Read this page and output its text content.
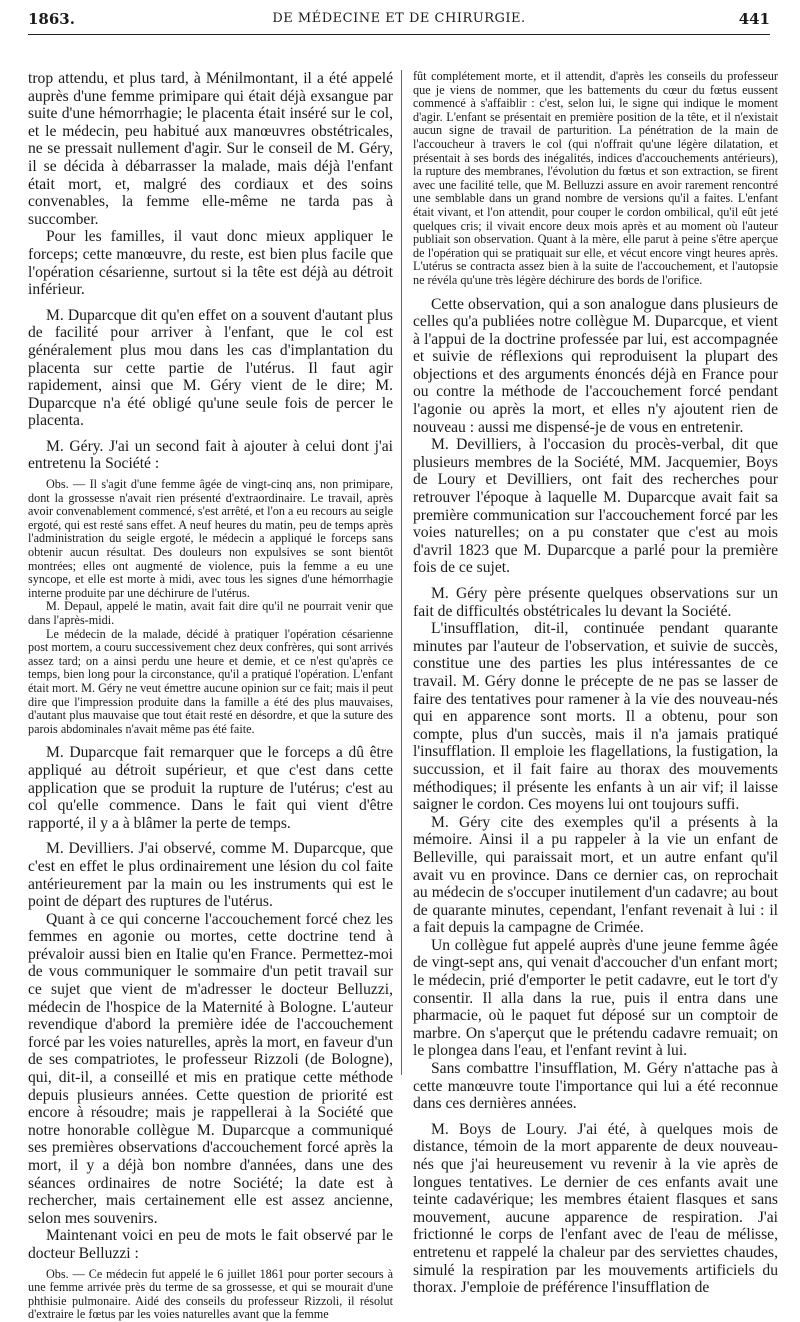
1863.	DE MÉDECINE ET DE CHIRURGIE.	441

trop attendu, et plus tard, à Ménilmontant, il a été appelé auprès d'une femme primipare qui était déjà exsangue par suite d'une hémorrhagie; le placenta était inséré sur le col, et le médecin, peu habitué aux manœuvres obstétricales, ne se pressait nullement d'agir. Sur le conseil de M. Géry, il se décida à débarrasser la malade, mais déjà l'enfant était mort, et, malgré des cordiaux et des soins convenables, la femme elle-même ne tarda pas à succomber.

Pour les familles, il vaut donc mieux appliquer le forceps; cette manœuvre, du reste, est bien plus facile que l'opération césarienne, surtout si la tête est déjà au détroit inférieur.

M. Duparcque dit qu'en effet on a souvent d'autant plus de facilité pour arriver à l'enfant, que le col est généralement plus mou dans les cas d'implantation du placenta sur cette partie de l'utérus. Il faut agir rapidement, ainsi que M. Géry vient de le dire; M. Duparcque n'a été obligé qu'une seule fois de percer le placenta.

M. Géry. J'ai un second fait à ajouter à celui dont j'ai entretenu la Société :

Obs. — Il s'agit d'une femme âgée de vingt-cinq ans, non primipare, dont la grossesse n'avait rien présenté d'extraordinaire. Le travail, après avoir convenablement commencé, s'est arrêté, et l'on a eu recours au seigle ergoté, qui est resté sans effet. A neuf heures du matin, peu de temps après l'administration du seigle ergoté, le médecin a appliqué le forceps sans obtenir aucun résultat. Des douleurs non expulsives se sont bientôt montrées; elles ont augmenté de violence, puis la femme a eu une syncope, et elle est morte à midi, avec tous les signes d'une hémorrhagie interne produite par une déchirure de l'utérus.

M. Depaul, appelé le matin, avait fait dire qu'il ne pourrait venir que dans l'après-midi.

Le médecin de la malade, décidé à pratiquer l'opération césarienne post mortem, a couru successivement chez deux confrères, qui sont arrivés assez tard; on a ainsi perdu une heure et demie, et ce n'est qu'après ce temps, bien long pour la circonstance, qu'il a pratiqué l'opération. L'enfant était mort. M. Géry ne veut émettre aucune opinion sur ce fait; mais il peut dire que l'impression produite dans la famille a été des plus mauvaises, d'autant plus mauvaise que tout était resté en désordre, et que la suture des parois abdominales n'avait même pas été faite.

M. Duparcque fait remarquer que le forceps a dû être appliqué au détroit supérieur, et que c'est dans cette application que se produit la rupture de l'utérus; c'est au col qu'elle commence. Dans le fait qui vient d'être rapporté, il y a à blâmer la perte de temps.

M. Devilliers. J'ai observé, comme M. Duparcque, que c'est en effet le plus ordinairement une lésion du col faite antérieurement par la main ou les instruments qui est le point de départ des ruptures de l'utérus.

Quant à ce qui concerne l'accouchement forcé chez les femmes en agonie ou mortes, cette doctrine tend à prévaloir aussi bien en Italie qu'en France. Permettez-moi de vous communiquer le sommaire d'un petit travail sur ce sujet que vient de m'adresser le docteur Belluzzi, médecin de l'hospice de la Maternité à Bologne. L'auteur revendique d'abord la première idée de l'accouchement forcé par les voies naturelles, après la mort, en faveur d'un de ses compatriotes, le professeur Rizzoli (de Bologne), qui, dit-il, a conseillé et mis en pratique cette méthode depuis plusieurs années. Cette question de priorité est encore à résoudre; mais je rappellerai à la Société que notre honorable collègue M. Duparcque a communiqué ses premières observations d'accouchement forcé après la mort, il y a déjà bon nombre d'années, dans une des séances ordinaires de notre Société; la date est à rechercher, mais certainement elle est assez ancienne, selon mes souvenirs.

Maintenant voici en peu de mots le fait observé par le docteur Belluzzi :

Obs. — Ce médecin fut appelé le 6 juillet 1861 pour porter secours à une femme arrivée près du terme de sa grossesse, et qui se mourait d'une phthisie pulmonaire. Aidé des conseils du professeur Rizzoli, il résolut d'extraire le fœtus par les voies naturelles avant que la femme

fût complétement morte, et il attendit, d'après les conseils du professeur que je viens de nommer, que les battements du cœur du fœtus eussent commencé à s'affaiblir : c'est, selon lui, le signe qui indique le moment d'agir. L'enfant se présentait en première position de la tête, et il n'existait aucun signe de travail de parturition. La pénétration de la main de l'accoucheur à travers le col (qui n'offrait qu'une légère dilatation, et présentait à ses bords des inégalités, indices d'accouchements antérieurs), la rupture des membranes, l'évolution du fœtus et son extraction, se firent avec une facilité telle, que M. Belluzzi assure en avoir rarement rencontré une semblable dans un grand nombre de versions qu'il a faites. L'enfant était vivant, et l'on attendit, pour couper le cordon ombilical, qu'il eût jeté quelques cris; il vivait encore deux mois après et au moment où l'auteur publiait son observation. Quant à la mère, elle parut à peine s'être aperçue de l'opération qui se pratiquait sur elle, et vécut encore vingt heures après. L'utérus se contracta assez bien à la suite de l'accouchement, et l'autopsie ne révéla qu'une très légère déchirure des bords de l'orifice.

Cette observation, qui a son analogue dans plusieurs de celles qu'a publiées notre collègue M. Duparcque, et vient à l'appui de la doctrine professée par lui, est accompagnée et suivie de réflexions qui reproduisent la plupart des objections et des arguments énoncés déjà en France pour ou contre la méthode de l'accouchement forcé pendant l'agonie ou après la mort, et elles n'y ajoutent rien de nouveau : aussi me dispensé-je de vous en entretenir.

M. Devilliers, à l'occasion du procès-verbal, dit que plusieurs membres de la Société, MM. Jacquemier, Boys de Loury et Devilliers, ont fait des recherches pour retrouver l'époque à laquelle M. Duparcque avait fait sa première communication sur l'accouchement forcé par les voies naturelles; on a pu constater que c'est au mois d'avril 1823 que M. Duparcque a parlé pour la première fois de ce sujet.

M. Géry père présente quelques observations sur un fait de difficultés obstétricales lu devant la Société.

L'insufflation, dit-il, continuée pendant quarante minutes par l'auteur de l'observation, et suivie de succès, constitue une des parties les plus intéressantes de ce travail. M. Géry donne le précepte de ne pas se lasser de faire des tentatives pour ramener à la vie des nouveau-nés qui en apparence sont morts. Il a obtenu, pour son compte, plus d'un succès, mais il n'a jamais pratiqué l'insufflation. Il emploie les flagellations, la fustigation, la succussion, et il fait faire au thorax des mouvements méthodiques; il présente les enfants à un air vif; il laisse saigner le cordon. Ces moyens lui ont toujours suffi.

M. Géry cite des exemples qu'il a présents à la mémoire. Ainsi il a pu rappeler à la vie un enfant de Belleville, qui paraissait mort, et un autre enfant qu'il avait vu en province. Dans ce dernier cas, on reprochait au médecin de s'occuper inutilement d'un cadavre; au bout de quarante minutes, cependant, l'enfant revenait à lui : il a fait depuis la campagne de Crimée.

Un collègue fut appelé auprès d'une jeune femme âgée de vingt-sept ans, qui venait d'accoucher d'un enfant mort; le médecin, prié d'emporter le petit cadavre, eut le tort d'y consentir. Il alla dans la rue, puis il entra dans une pharmacie, où le paquet fut déposé sur un comptoir de marbre. On s'aperçut que le prétendu cadavre remuait; on le plongea dans l'eau, et l'enfant revint à lui.

Sans combattre l'insufflation, M. Géry n'attache pas à cette manœuvre toute l'importance qui lui a été reconnue dans ces dernières années.

M. Boys de Loury. J'ai été, à quelques mois de distance, témoin de la mort apparente de deux nouveau-nés que j'ai heureusement vu revenir à la vie après de longues tentatives. Le dernier de ces enfants avait une teinte cadavérique; les membres étaient flasques et sans mouvement, aucune apparence de respiration. J'ai frictionné le corps de l'enfant avec de l'eau de mélisse, entretenu et rappelé la chaleur par des serviettes chaudes, simulé la respiration par les mouvements artificiels du thorax. J'emploie de préférence l'insufflation de
